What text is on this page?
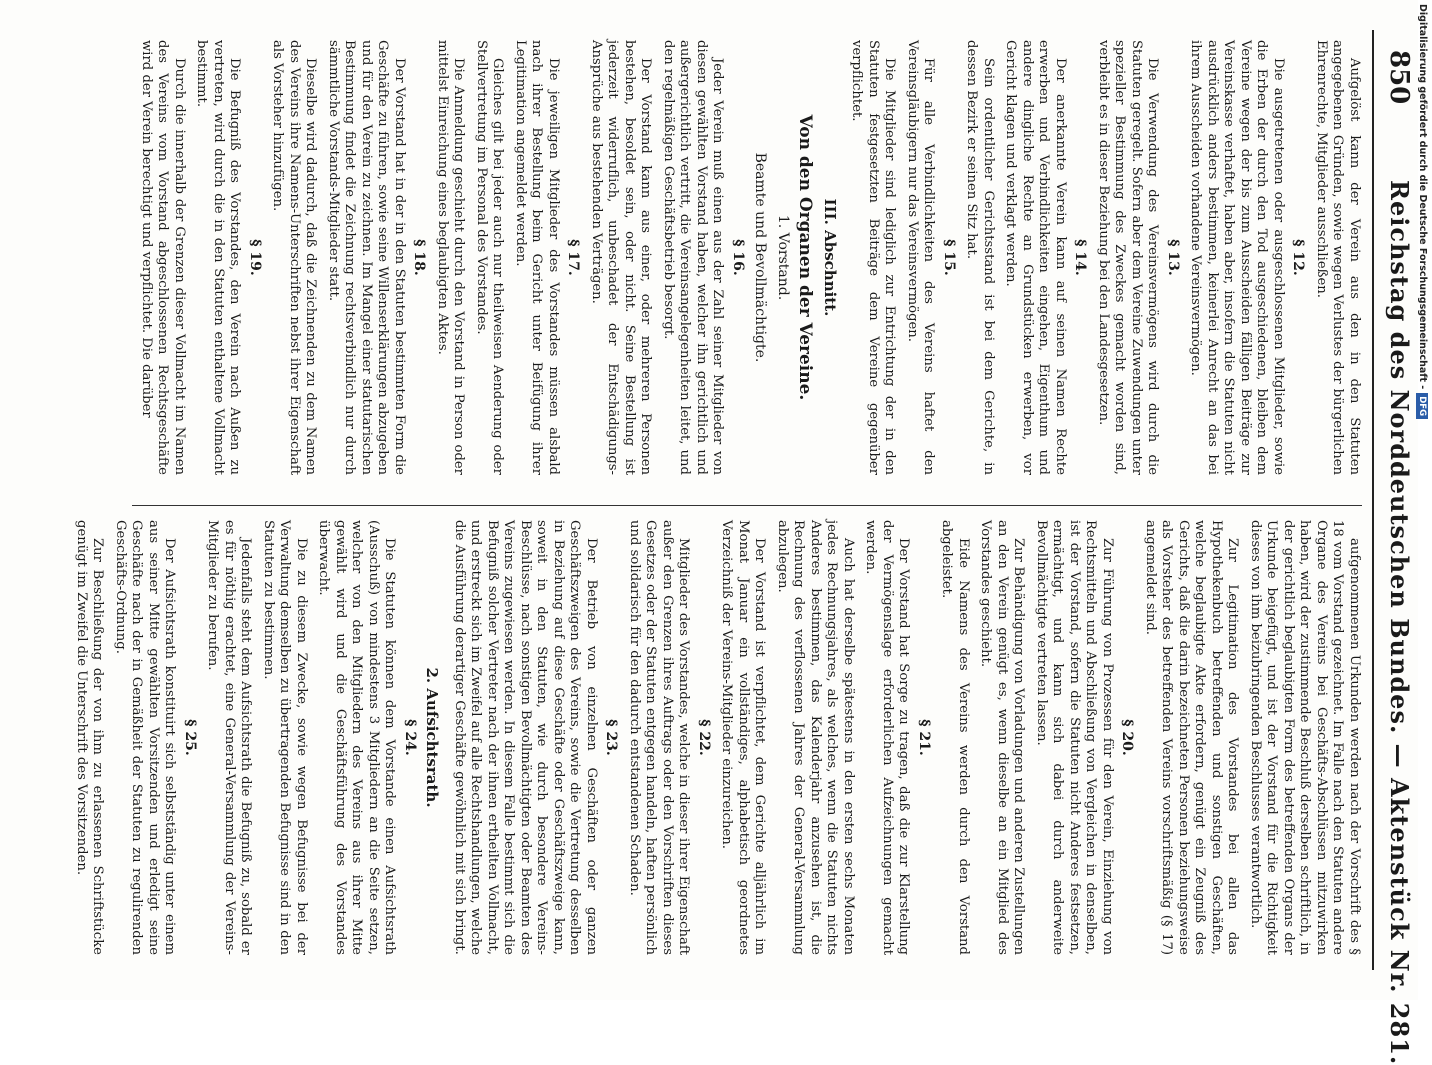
850
Reichstag des Norddeutschen Bundes. — Aktenstück Nr. 281.

Aufgelöst kann der Verein aus den in den Statuten angegebenen Gründen, sowie wegen Verlustes der bürgerlichen Ehrenrechte, Mitglieder ausschließen.

§ 12.

Die ausgetretenen oder ausgeschlossenen Mitglieder, sowie die Erben der durch den Tod ausgeschiedenen, bleiben dem Vereine wegen der bis zum Ausscheiden fälligen Beiträge zur Vereinskasse verhaftet, haben aber, insofern die Statuten nicht ausdrücklich anders bestimmen, keinerlei Anrecht an das bei ihrem Ausscheiden vorhandene Vereinsvermögen.

§ 13.

Die Verwendung des Vereinsvermögens wird durch die Statuten geregelt. Sofern aber dem Vereine Zuwendungen unter spezieller Bestimmung des Zweckes gemacht worden sind, verbleibt es in dieser Beziehung bei den Landesgesetzen.

§ 14.

Der anerkannte Verein kann auf seinen Namen Rechte erwerben und Verbindlichkeiten eingehen, Eigenthum und andere dingliche Rechte an Grundstücken erwerben, vor Gericht klagen und verklagt werden.

Sein ordentlicher Gerichtsstand ist bei dem Gerichte, in dessen Bezirk er seinen Sitz hat.

§ 15.

Für alle Verbindlichkeiten des Vereins haftet den Vereinsgläubigern nur das Vereinsvermögen.

Die Mitglieder sind lediglich zur Entrichtung der in den Statuten festgesetzten Beiträge dem Vereine gegenüber verpflichtet.

III. Abschnitt.

Von den Organen der Vereine.

1. Vorstand.

Beamte und Bevollmächtigte.

§ 16.

Jeder Verein muß einen aus der Zahl seiner Mitglieder von diesen gewählten Vorstand haben, welcher ihn gerichtlich und außergerichtlich vertritt, die Vereinsangelegenheiten leitet, und den regelmäßigen Geschäftsbetrieb besorgt.

Der Vorstand kann aus einer, oder mehreren Personen bestehen, besoldet sein, oder nicht. Seine Bestellung ist jederzeit widerruflich, unbeschadet der Entschädigungs-Ansprüche aus bestehenden Verträgen.

§ 17.

Die jeweiligen Mitglieder des Vorstandes müssen alsbald nach ihrer Bestellung beim Gericht unter Beifügung ihrer Legitimation angemeldet werden.

Gleiches gilt bei jeder auch nur theilweisen Aenderung oder Stellvertretung im Personal des Vorstandes.

Die Anmeldung geschieht durch den Vorstand in Person oder mittelst Einreichung eines beglaubigten Aktes.

§ 18.

Der Vorstand hat in der in den Statuten bestimmten Form die Geschäfte zu führen, sowie seine Willenserklärungen abzugeben und für den Verein zu zeichnen. Im Mangel einer statutarischen Bestimmung findet die Zeichnung rechtsverbindlich nur durch sämmtliche Vorstands-Mitglieder statt.

Dieselbe wird dadurch, daß die Zeichnenden zu dem Namen des Vereins ihre Namens-Unterschriften nebst ihrer Eigenschaft als Vorsteher hinzufügen.

§ 19.

Die Befugniß des Vorstandes, den Verein nach Außen zu vertreten, wird durch die in den Statuten enthaltene Vollmacht bestimmt.

Durch die innerhalb der Grenzen dieser Vollmacht im Namen des Vereins vom Vorstand abgeschlossenen Rechtsgeschäfte wird der Verein berechtigt und verpflichtet. Die darüber

aufgenommenen Urkunden werden nach der Vorschrift des § 18 vom Vorstand gezeichnet. Im Falle nach den Statuten andere Organe des Vereins bei Geschäfts-Abschlüssen mitzuwirken haben, wird der zustimmende Beschluß derselben schriftlich, in der gerichtlich beglaubigten Form des betreffenden Organs der Urkunde beigefügt, und ist der Vorstand für die Richtigkeit dieses von ihm beizubringenden Beschlusses verantwortlich.

Zur Legitimation des Vorstandes bei allen das Hypothekenbuch betreffenden und sonstigen Geschäften, welche beglaubigte Akte erfordern, genügt ein Zeugniß des Gerichts, daß die darin bezeichneten Personen beziehungsweise als Vorsteher des betreffenden Vereins vorschriftsmäßig (§ 17) angemeldet sind.

§ 20.

Zur Führung von Prozessen für den Verein, Einziehung von Rechtsmitteln und Abschließung von Vergleichen in denselben, ist der Vorstand, sofern die Statuten nicht Anderes festsetzen, ermächtigt, und kann sich dabei durch anderweite Bevollmächtigte vertreten lassen.

Zur Behändigung von Vorladungen und anderen Zustellungen an den Verein genügt es, wenn dieselbe an ein Mitglied des Vorstandes geschieht.

Eide Namens des Vereins werden durch den Vorstand abgeleistet.

§ 21.

Der Vorstand hat Sorge zu tragen, daß die zur Klarstellung der Vermögenslage erforderlichen Aufzeichnungen gemacht werden.

Auch hat derselbe spätestens in den ersten sechs Monaten jedes Rechnungsjahres, als welches, wenn die Statuten nichts Anderes bestimmen, das Kalenderjahr anzusehen ist, die Rechnung des verflossenen Jahres der General-Versammlung abzulegen.

Der Vorstand ist verpflichtet, dem Gerichte alljährlich im Monat Januar ein vollständiges, alphabetisch geordnetes Verzeichniß der Vereins-Mitglieder einzureichen.

§ 22.

Mitglieder des Vorstandes, welche in dieser ihrer Eigenschaft außer den Grenzen ihres Auftrags oder den Vorschriften dieses Gesetzes oder der Statuten entgegen handeln, haften persönlich und solidarisch für den dadurch entstandenen Schaden.

§ 23.

Der Betrieb von einzelnen Geschäften oder ganzen Geschäftszweigen des Vereins, sowie die Vertretung desselben in Beziehung auf diese Geschäfte oder Geschäftszweige kann, soweit in den Statuten, wie durch besondere Vereins-Beschlüsse, nach sonstigen Bevollmächtigten oder Beamten des Vereins zugewiesen werden. In diesem Falle bestimmt sich die Befugniß solcher Vertreter nach der ihnen ertheilten Vollmacht, und erstreckt sich im Zweifel auf alle Rechtshandlungen, welche die Ausführung derartiger Geschäfte gewöhnlich mit sich bringt.

2. Aufsichtsrath.

§ 24.

Die Statuten können dem Vorstande einen Aufsichtsrath (Ausschuß) von mindestens 3 Mitgliedern an die Seite setzen, welcher von den Mitgliedern des Vereins aus ihrer Mitte gewählt wird und die Geschäftsführung des Vorstandes überwacht.

Die zu diesem Zwecke, sowie wegen Befugnisse bei der Verwaltung demselben zu übertragenden Befugnisse sind in den Statuten zu bestimmen.

Jedenfalls steht dem Aufsichtsrath die Befugniß zu, sobald er es für nöthig erachtet, eine General-Versammlung der Vereins-Mitglieder zu berufen.

§ 25.

Der Aufsichtsrath konstituirt sich selbstständig unter einem aus seiner Mitte gewählten Vorsitzenden und erledigt seine Geschäfte nach der in Gemäßheit der Statuten zu regulirenden Geschäfts-Ordnung.

Zur Beschließung der von ihm zu erlassenen Schriftstücke genügt im Zweifel die Unterschrift des Vorsitzenden.

Digitalisierung gefördert durch die Deutsche Forschungsgemeinschaft -DFG
